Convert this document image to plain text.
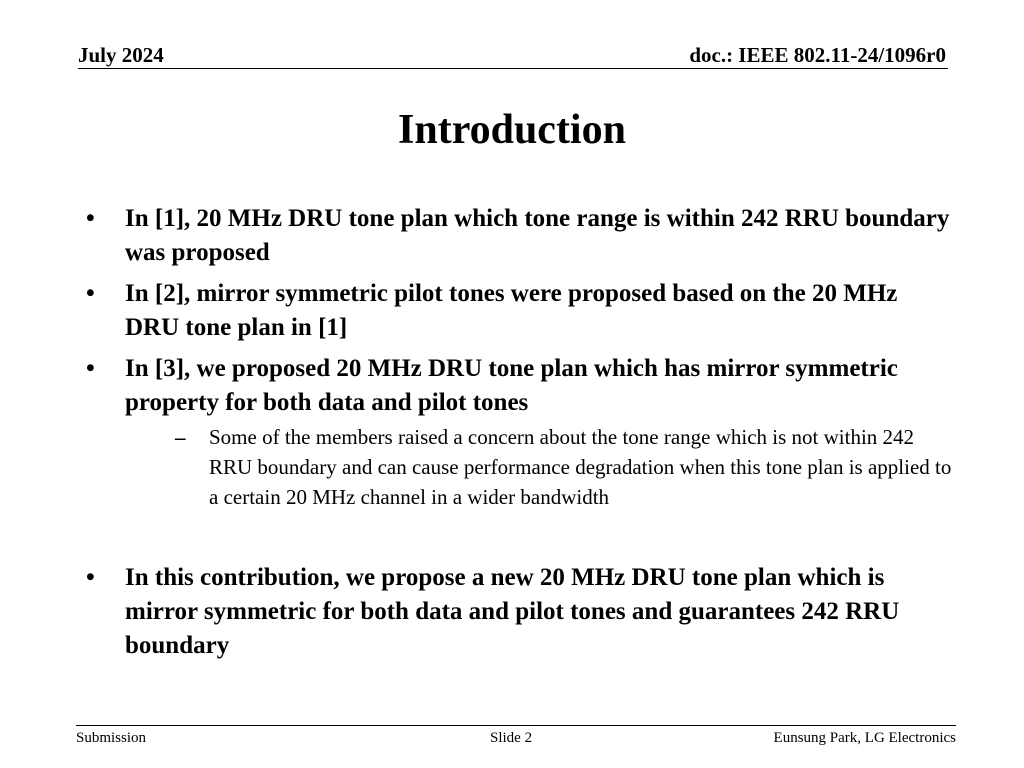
July 2024	doc.: IEEE 802.11-24/1096r0
Introduction
• In [1], 20 MHz DRU tone plan which tone range is within 242 RRU boundary was proposed
• In [2], mirror symmetric pilot tones were proposed based on the 20 MHz DRU tone plan in [1]
• In [3], we proposed 20 MHz DRU tone plan which has mirror symmetric property for both data and pilot tones
– Some of the members raised a concern about the tone range which is not within 242 RRU boundary and can cause performance degradation when this tone plan is applied to a certain 20 MHz channel in a wider bandwidth
• In this contribution, we propose a new 20 MHz DRU tone plan which is mirror symmetric for both data and pilot tones and guarantees 242 RRU boundary
Submission	Slide 2	Eunsung Park, LG Electronics
